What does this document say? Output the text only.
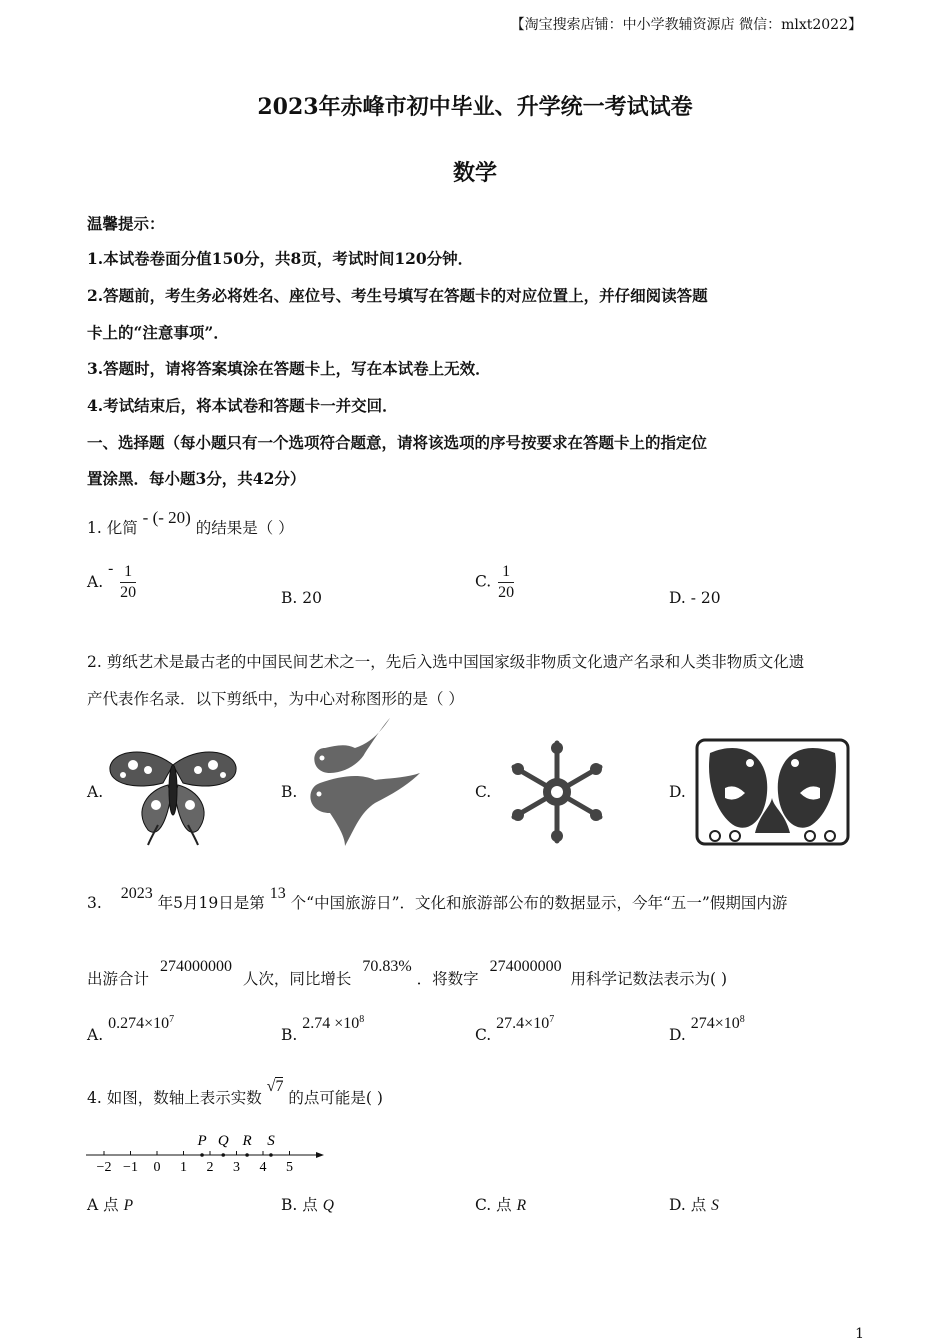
【淘宝搜索店铺：中小学教辅资源店 微信：mlxt2022】
2023年赤峰市初中毕业、升学统一考试试卷
数学
温馨提示：
1.本试卷卷面分值150分，共8页，考试时间120分钟．
2.答题前，考生务必将姓名、座位号、考生号填写在答题卡的对应位置上，并仔细阅读答题
卡上的“注意事项”．
3.答题时，请将答案填涂在答题卡上，写在本试卷上无效．
4.考试结束后，将本试卷和答题卡一并交回．
一、选择题（每小题只有一个选项符合题意，请将该选项的序号按要求在答题卡上的指定位
置涂黑．每小题3分，共42分）
1. 化简 - (- 20) 的结果是（ ）
A. - $\frac{1}{20}$	B. 20
C. $\frac{1}{20}$	D. - 20
2. 剪纸艺术是最古老的中国民间艺术之一，先后入选中国国家级非物质文化遗产名录和人类非物质文化遗
产代表作名录．以下剪纸中，为中心对称图形的是（ ）
A.	B.	C.	D.
3. 2023 年5月19日是第 13 个“中国旅游日”．文化和旅游部公布的数据显示，今年“五一”假期国内游
出游合计 274000000 人次，同比增长 70.83% ．将数字 274000000 用科学记数法表示为( )
A. $0.274\times 10^7$
B. $2.74 \times 10^8$
C. $27.4\times 10^7$
D. $274\times 10^8$
4. 如图，数轴上表示实数 √7 的点可能是( )
−2 −1 0 1 2 3 4 5
P Q R S
A 点 P	B. 点 Q	C. 点 R	D. 点 S
1
